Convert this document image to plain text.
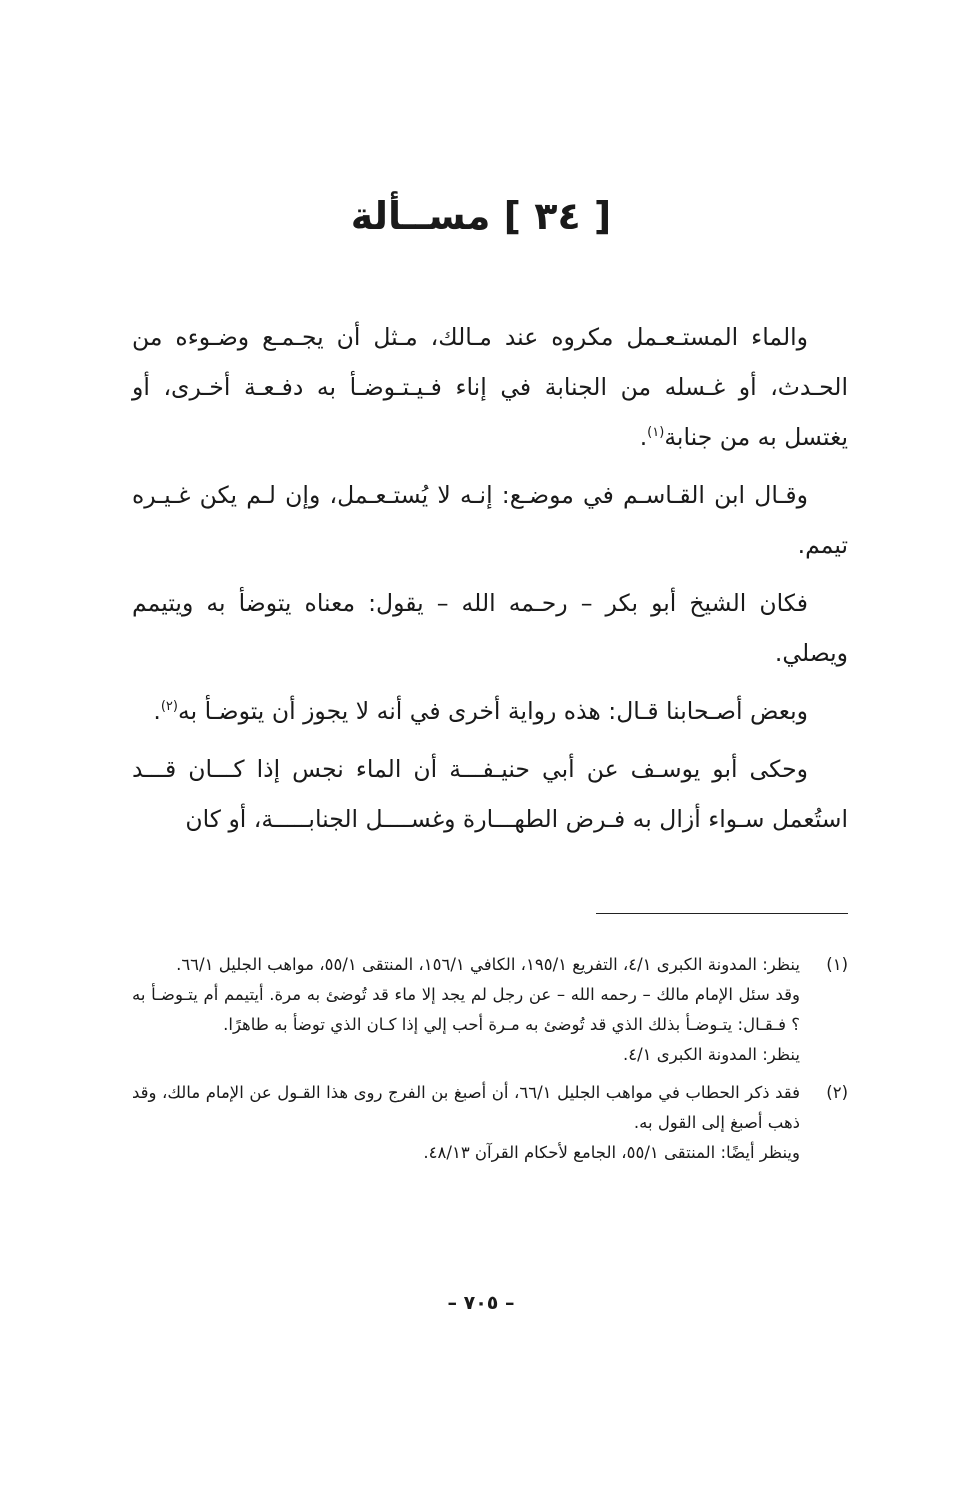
[ ٣٤ ] مســألة

والماء المستـعـمل مكروه عند مـالك، مـثل أن يجـمـع وضـوءه من الحـدث، أو غـسله من الجنابة في إناء فـيـتـوضـأ به دفـعـة أخـرى، أو يغتسل به من جنابة$^{(١)}$.

وقـال ابن القـاسـم في موضـع: إنـه لا يُستـعـمل، وإن لـم يكن غـيـره تيمم.

فكان الشيخ أبو بكر – رحـمه الله – يقول: معناه يتوضأ به ويتيمم ويصلي.

وبعض أصـحابنا قـال: هذه رواية أخرى في أنه لا يجوز أن يتوضـأ به$^{(٢)}$.

وحكى أبو يوسـف عن أبي حنيـفـــة أن الماء نجس إذا كـــان قـــد استُعمل سـواء أزال به فـرض الطهـــارة وغســــل الجنابـــــة، أو كان

(١)
ينظر: المدونة الكبرى ٤/١، التفريع ١٩٥/١، الكافي ١٥٦/١، المنتقى ٥٥/١، مواهب الجليل ٦٦/١.
وقد سئل الإمام مالك – رحمه الله – عن رجل لم يجد إلا ماء قد تُوضئ به مرة. أيتيمم أم يتـوضـأ به ؟ فـقـال: يتـوضـأ بذلك الذي قد تُوضئ به مـرة أحب إلي إذا كـان الذي توضأ به طاهرًا.
ينظر: المدونة الكبرى ٤/١.
(٢)
فقد ذكر الحطاب في مواهب الجليل ٦٦/١، أن أصبغ بن الفرج روى هذا القـول عن الإمام مالك، وقد ذهب أصبغ إلى القول به.
وينظر أيضًا: المنتقى ٥٥/١، الجامع لأحكام القرآن ٤٨/١٣.
– ٧٠٥ –
